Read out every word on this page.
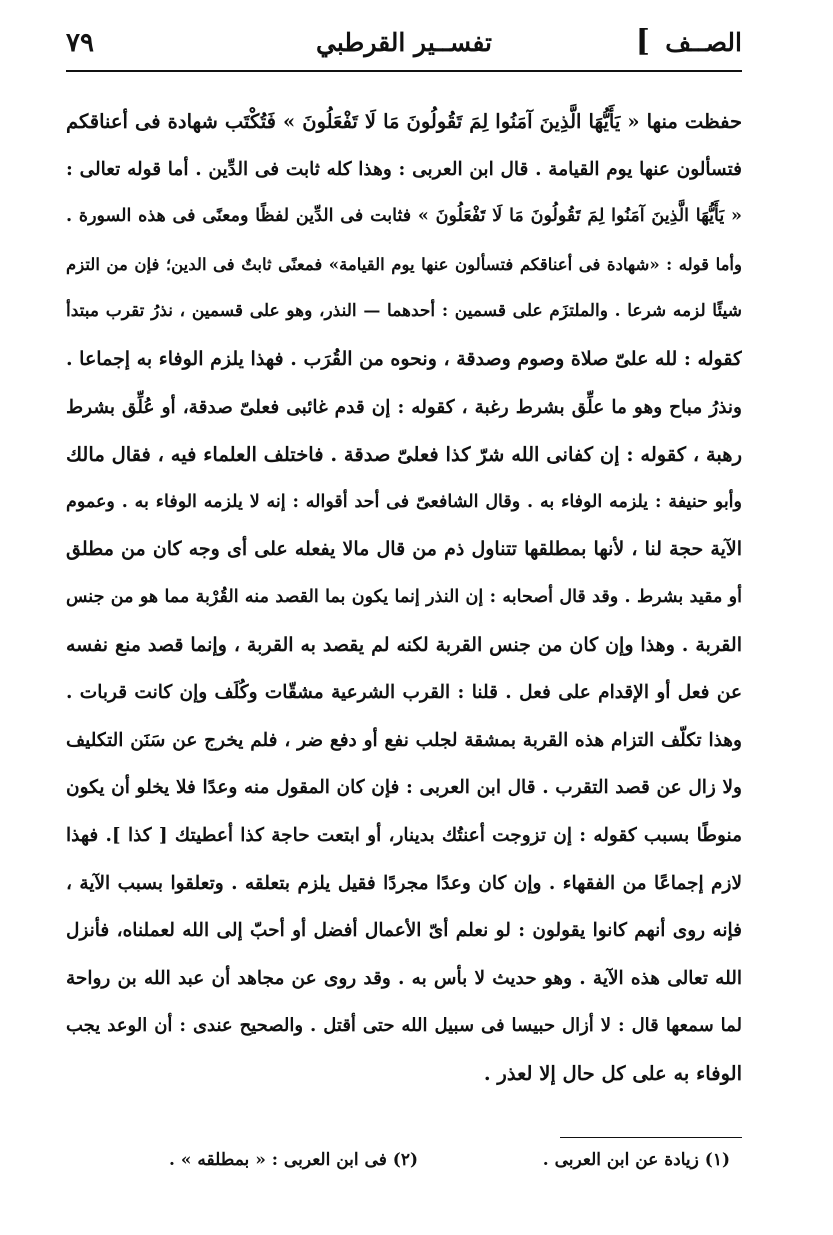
الصــف
]
تفســير القرطبي
٧٩
حفظت منها « يَأَيُّهَا الَّذِينَ آمَنُوا لِمَ تَقُولُونَ مَا لَا تَفْعَلُونَ » فَتُكْتَب شهادة فى أعناقكم
فتسألون عنها يوم القيامة . قال ابن العربى : وهذا كله ثابت فى الدِّين . أما قوله تعالى :
« يَأَيُّهَا الَّذِينَ آمَنُوا لِمَ تَقُولُونَ مَا لَا تَفْعَلُونَ » فثابت فى الدِّين لفظًا ومعنًى فى هذه السورة .
وأما قوله : «شهادة فى أعناقكم فتسألون عنها يوم القيامة» فمعنًى ثابتٌ فى الدين؛ فإن من التزم
شيئًا لزمه شرعا . والملتزَم على قسمين : أحدهما — النذر، وهو على قسمين ، نذرُ تقرب مبتدأ
كقوله : لله علىّ صلاة وصوم وصدقة ، ونحوه من القُرَب . فهذا يلزم الوفاء به إجماعا .
ونذرُ مباح وهو ما علِّق بشرط رغبة ، كقوله : إن قدم غائبى فعلىّ صدقة، أو عُلِّق بشرط
رهبة ، كقوله : إن كفانى الله شرّ كذا فعلىّ صدقة . فاختلف العلماء فيه ، فقال مالك
وأبو حنيفة : يلزمه الوفاء به . وقال الشافعىّ فى أحد أقواله : إنه لا يلزمه الوفاء به . وعموم
الآية حجة لنا ، لأنها بمطلقها تتناول ذم من قال مالا يفعله على أى وجه كان من مطلق
أو مقيد بشرط . وقد قال أصحابه : إن النذر إنما يكون بما القصد منه القُرْبة مما هو من جنس
القربة . وهذا وإن كان من جنس القربة لكنه لم يقصد به القربة ، وإنما قصد منع نفسه
عن فعل أو الإقدام على فعل . قلنا : القرب الشرعية مشقّات وكُلَف وإن كانت قربات .
وهذا تكلّف التزام هذه القربة بمشقة لجلب نفع أو دفع ضر ، فلم يخرج عن سَنَن التكليف
ولا زال عن قصد التقرب . قال ابن العربى : فإن كان المقول منه وعدًا فلا يخلو أن يكون
منوطًا بسبب كقوله : إن تزوجت أعنتُك بدينار، أو ابتعت حاجة كذا أعطيتك [ كذا ]. فهذا
لازم إجماعًا من الفقهاء . وإن كان وعدًا مجردًا فقيل يلزم بتعلقه . وتعلقوا بسبب الآية ،
فإنه روى أنهم كانوا يقولون : لو نعلم أىّ الأعمال أفضل أو أحبّ إلى الله لعملناه، فأنزل
الله تعالى هذه الآية . وهو حديث لا بأس به . وقد روى عن مجاهد أن عبد الله بن رواحة
لما سمعها قال : لا أزال حبيسا فى سبيل الله حتى أقتل . والصحيح عندى : أن الوعد يجب
الوفاء به على كل حال إلا لعذر .
(١) زيادة عن ابن العربى .
(٢) فى ابن العربى : « بمطلقه » .
